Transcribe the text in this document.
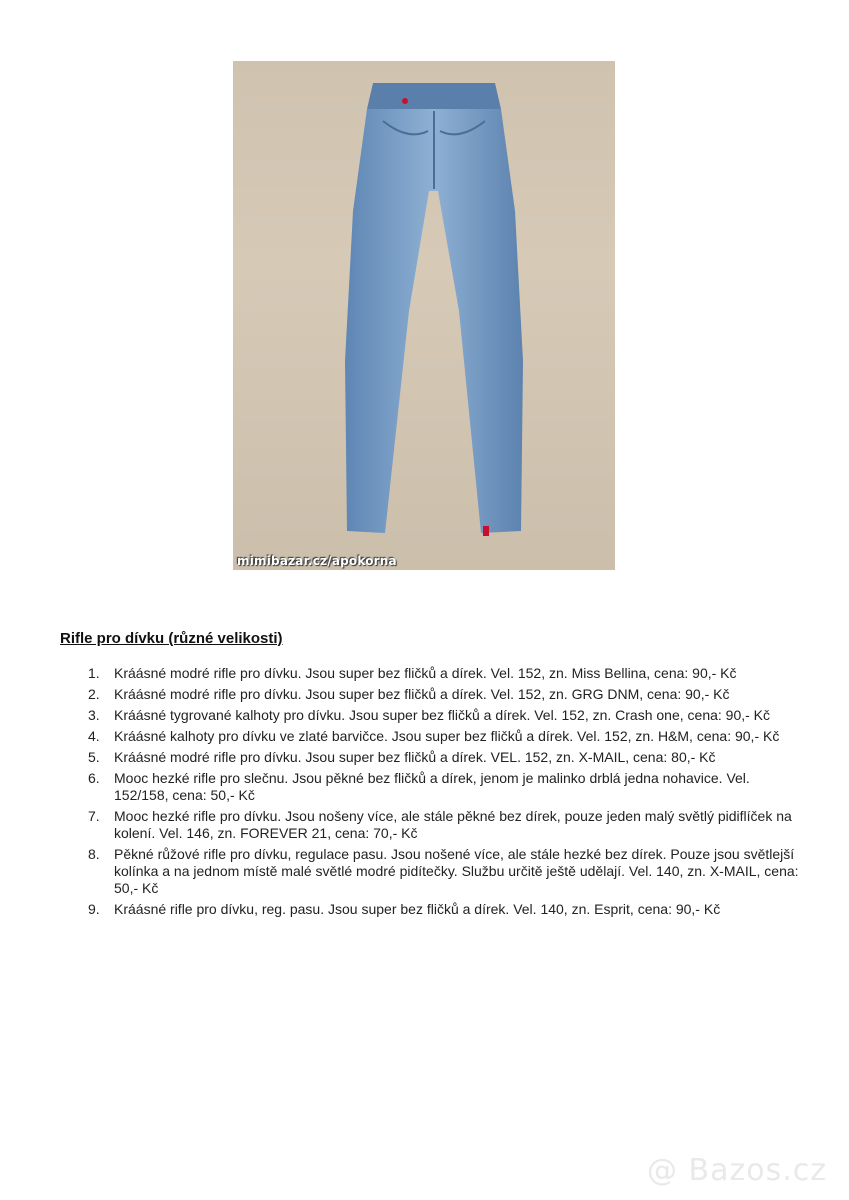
mimibazar.cz/apokorna
Rifle pro dívku (různé velikosti)
1.	Kráásné modré rifle pro dívku. Jsou super bez fličků a dírek. Vel. 152, zn. Miss Bellina, cena: 90,- Kč
2.	Kráásné modré rifle pro dívku. Jsou super bez fličků a dírek. Vel. 152, zn. GRG DNM, cena: 90,- Kč
3.	Kráásné tygrované kalhoty pro dívku. Jsou super bez fličků a dírek. Vel. 152, zn. Crash one, cena: 90,- Kč
4.	Kráásné kalhoty pro dívku ve zlaté barvičce. Jsou super bez fličků a dírek. Vel. 152, zn. H&M, cena: 90,- Kč
5.	Kráásné modré rifle pro dívku. Jsou super bez fličků a dírek. VEL. 152, zn. X-MAIL, cena: 80,- Kč
6.	Mooc hezké rifle pro slečnu. Jsou pěkné bez fličků a dírek, jenom je malinko drblá jedna nohavice. Vel. 152/158, cena: 50,- Kč
7.	Mooc hezké rifle pro dívku. Jsou nošeny více, ale stále pěkné bez dírek, pouze jeden malý světlý pidiflíček na kolení. Vel. 146, zn. FOREVER 21, cena: 70,- Kč
8.	Pěkné růžové rifle pro dívku, regulace pasu. Jsou nošené více, ale stále hezké bez dírek. Pouze jsou světlejší kolínka a na jednom místě malé světlé modré pidítečky. Službu určitě ještě udělají. Vel. 140, zn. X-MAIL, cena: 50,- Kč
9.	Kráásné rifle pro dívku, reg. pasu. Jsou super bez fličků a dírek. Vel. 140, zn. Esprit, cena: 90,- Kč
@ Bazos.cz
